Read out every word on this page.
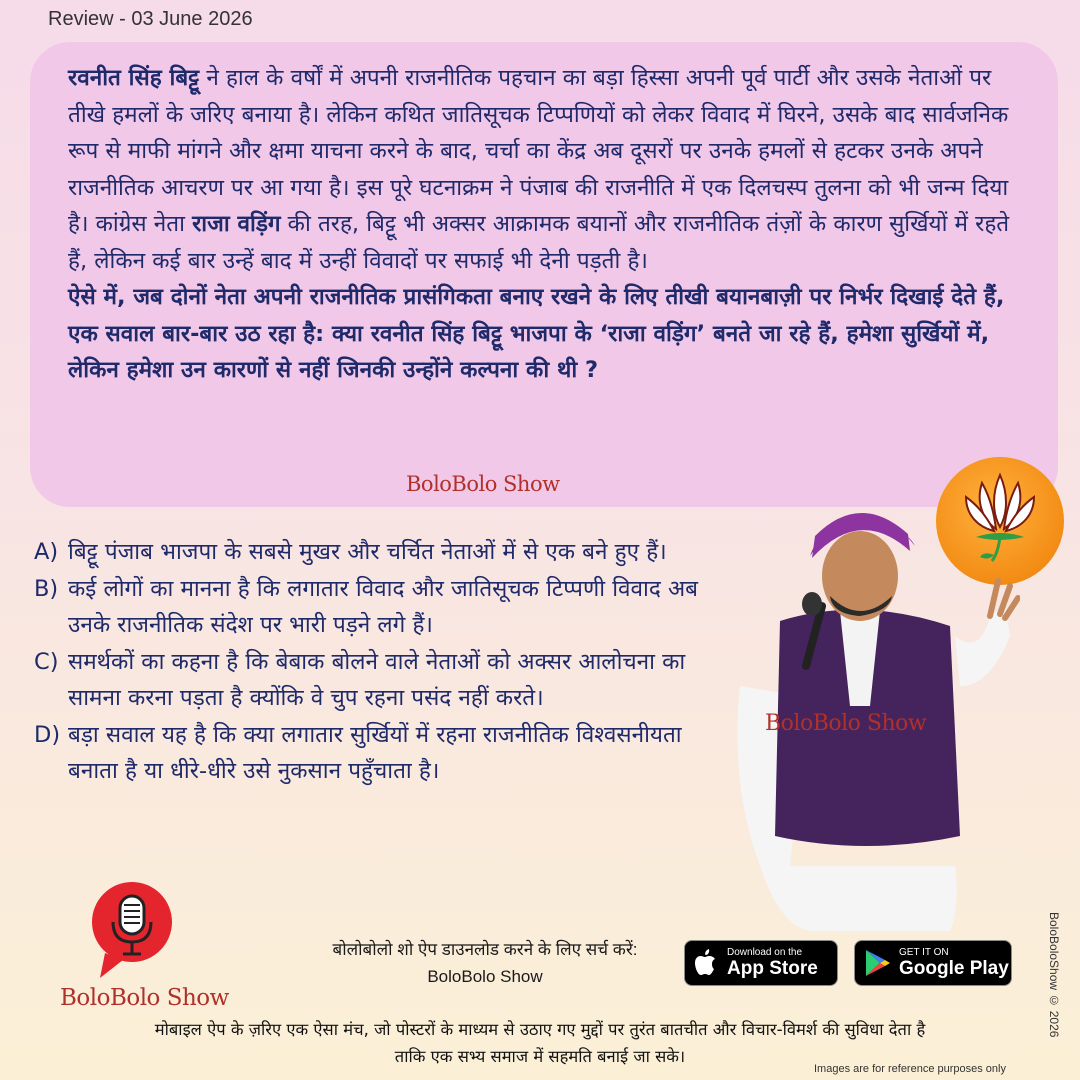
Review - 03 June 2026

रवनीत सिंह बिट्टू ने हाल के वर्षों में अपनी राजनीतिक पहचान का बड़ा हिस्सा अपनी पूर्व पार्टी और उसके नेताओं पर तीखे हमलों के जरिए बनाया है। लेकिन कथित जातिसूचक टिप्पणियों को लेकर विवाद में घिरने, उसके बाद सार्वजनिक रूप से माफी मांगने और क्षमा याचना करने के बाद, चर्चा का केंद्र अब दूसरों पर उनके हमलों से हटकर उनके अपने राजनीतिक आचरण पर आ गया है। इस पूरे घटनाक्रम ने पंजाब की राजनीति में एक दिलचस्प तुलना को भी जन्म दिया है। कांग्रेस नेता राजा वड़िंग की तरह, बिट्टू भी अक्सर आक्रामक बयानों और राजनीतिक तंज़ों के कारण सुर्खियों में रहते हैं, लेकिन कई बार उन्हें बाद में उन्हीं विवादों पर सफाई भी देनी पड़ती है।

ऐसे में, जब दोनों नेता अपनी राजनीतिक प्रासंगिकता बनाए रखने के लिए तीखी बयानबाज़ी पर निर्भर दिखाई देते हैं, एक सवाल बार-बार उठ रहा है: क्या रवनीत सिंह बिट्टू भाजपा के ‘राजा वड़िंग’ बनते जा रहे हैं, हमेशा सुर्खियों में, लेकिन हमेशा उन कारणों से नहीं जिनकी उन्होंने कल्पना की थी ?

BoloBolo Show
A) बिट्टू पंजाब भाजपा के सबसे मुखर और चर्चित नेताओं में से एक बने हुए हैं।
B) कई लोगों का मानना है कि लगातार विवाद और जातिसूचक टिप्पणी विवाद अब उनके राजनीतिक संदेश पर भारी पड़ने लगे हैं।
C) समर्थकों का कहना है कि बेबाक बोलने वाले नेताओं को अक्सर आलोचना का सामना करना पड़ता है क्योंकि वे चुप रहना पसंद नहीं करते।
D) बड़ा सवाल यह है कि क्या लगातार सुर्खियों में रहना राजनीतिक विश्वसनीयता बनाता है या धीरे-धीरे उसे नुकसान पहुँचाता है।
BoloBolo Show
BoloBolo Show
बोलोबोलो शो ऐप डाउनलोड करने के लिए सर्च करें:
BoloBolo Show
Download on the
App Store
GET IT ON
Google Play
मोबाइल ऐप के ज़रिए एक ऐसा मंच, जो पोस्टरों के माध्यम से उठाए गए मुद्दों पर तुरंत बातचीत और विचार-विमर्श की सुविधा देता है
ताकि एक सभ्य समाज में सहमति बनाई जा सके।
Images are for reference purposes only
BoloBoloShow © 2026
